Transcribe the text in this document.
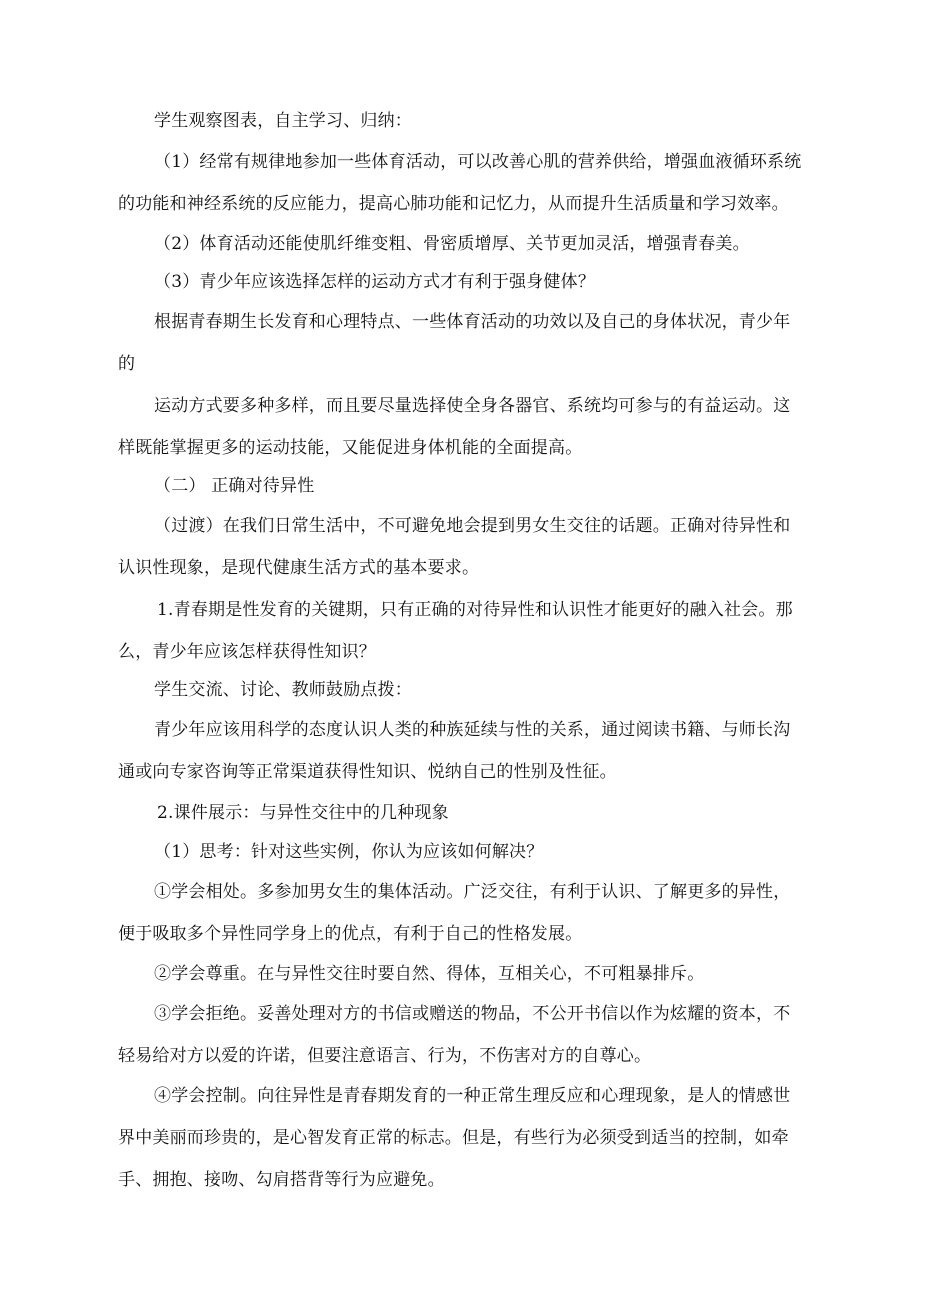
学生观察图表，自主学习、归纳：
（1）经常有规律地参加一些体育活动，可以改善心肌的营养供给，增强血液循环系统
的功能和神经系统的反应能力，提高心肺功能和记忆力，从而提升生活质量和学习效率。
（2）体育活动还能使肌纤维变粗、骨密质增厚、关节更加灵活，增强青春美。
（3）青少年应该选择怎样的运动方式才有利于强身健体？
根据青春期生长发育和心理特点、一些体育活动的功效以及自己的身体状况，青少年
的
运动方式要多种多样，而且要尽量选择使全身各器官、系统均可参与的有益运动。这
样既能掌握更多的运动技能，又能促进身体机能的全面提高。
（二） 正确对待异性
（过渡）在我们日常生活中，不可避免地会提到男女生交往的话题。正确对待异性和
认识性现象，是现代健康生活方式的基本要求。
1.青春期是性发育的关键期，只有正确的对待异性和认识性才能更好的融入社会。那
么，青少年应该怎样获得性知识？
学生交流、讨论、教师鼓励点拨：
青少年应该用科学的态度认识人类的种族延续与性的关系，通过阅读书籍、与师长沟
通或向专家咨询等正常渠道获得性知识、悦纳自己的性别及性征。
2.课件展示：与异性交往中的几种现象
（1）思考：针对这些实例，你认为应该如何解决？
①学会相处。多参加男女生的集体活动。广泛交往，有利于认识、了解更多的异性，
便于吸取多个异性同学身上的优点，有利于自己的性格发展。
②学会尊重。在与异性交往时要自然、得体，互相关心，不可粗暴排斥。
③学会拒绝。妥善处理对方的书信或赠送的物品，不公开书信以作为炫耀的资本，不
轻易给对方以爱的许诺，但要注意语言、行为，不伤害对方的自尊心。
④学会控制。向往异性是青春期发育的一种正常生理反应和心理现象，是人的情感世
界中美丽而珍贵的，是心智发育正常的标志。但是，有些行为必须受到适当的控制，如牵
手、拥抱、接吻、勾肩搭背等行为应避免。
